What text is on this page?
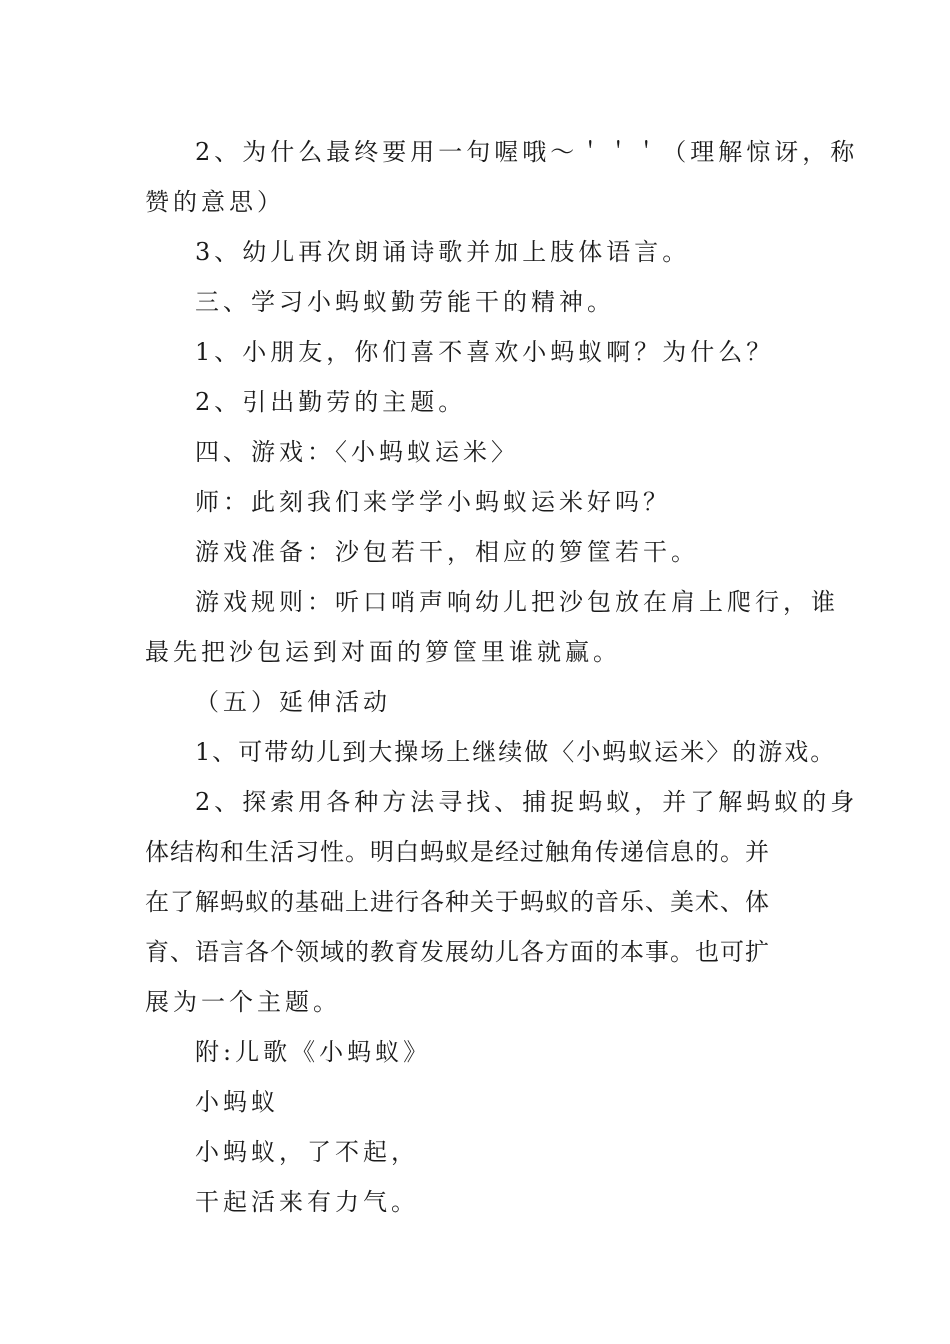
2、为什么最终要用一句喔哦～＇＇＇（理解惊讶，称
赞的意思）
3、幼儿再次朗诵诗歌并加上肢体语言。
三、学习小蚂蚁勤劳能干的精神。
1、小朋友，你们喜不喜欢小蚂蚁啊？为什么？
2、引出勤劳的主题。
四、游戏：〈小蚂蚁运米〉
师：此刻我们来学学小蚂蚁运米好吗？
游戏准备：沙包若干，相应的箩筐若干。
游戏规则：听口哨声响幼儿把沙包放在肩上爬行，谁
最先把沙包运到对面的箩筐里谁就赢。
（五）延伸活动
1、可带幼儿到大操场上继续做〈小蚂蚁运米〉的游戏。
2、探索用各种方法寻找、捕捉蚂蚁，并了解蚂蚁的身
体结构和生活习性。明白蚂蚁是经过触角传递信息的。并
在了解蚂蚁的基础上进行各种关于蚂蚁的音乐、美术、体
育、语言各个领域的教育发展幼儿各方面的本事。也可扩
展为一个主题。
附:儿歌《小蚂蚁》
小蚂蚁
小蚂蚁，了不起，
干起活来有力气。
